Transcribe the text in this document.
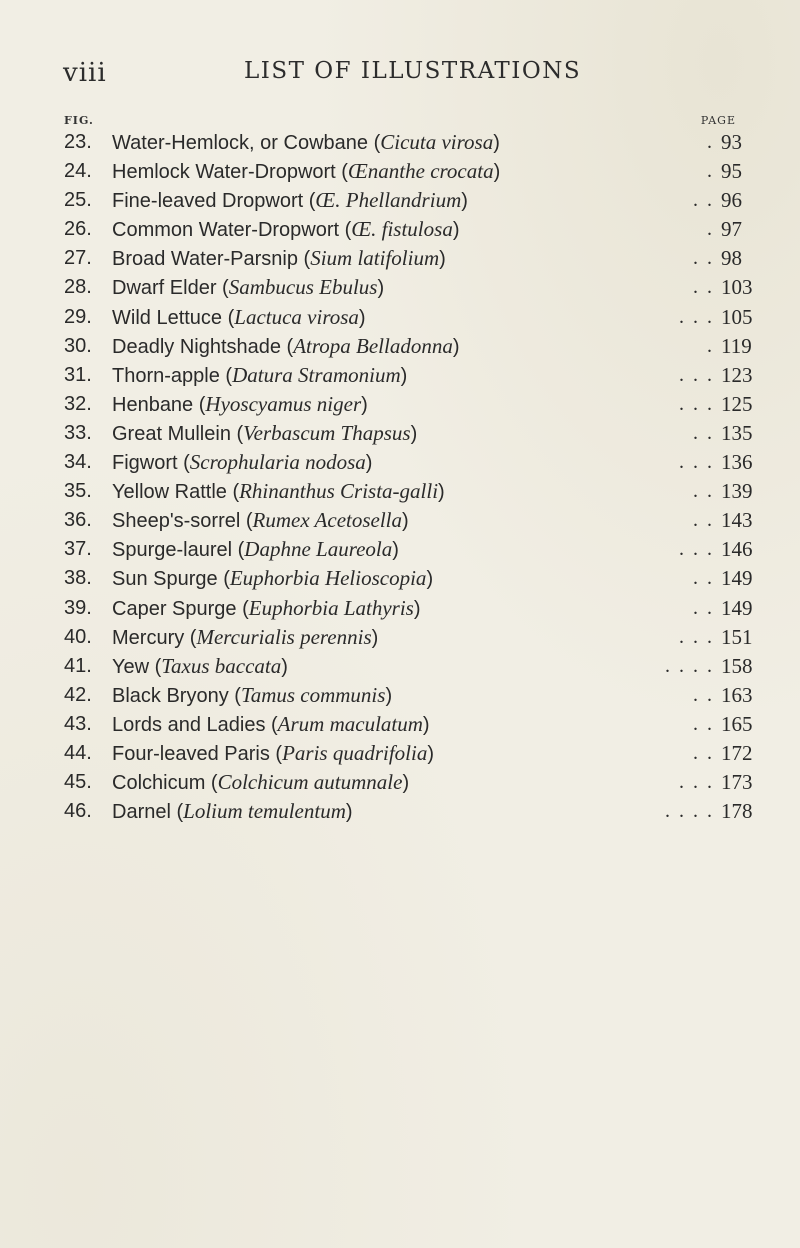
viii	LIST OF ILLUSTRATIONS
FIG.	PAGE
23. Water-Hemlock, or Cowbane (Cicuta virosa)	. 93
24. Hemlock Water-Dropwort (Œnanthe crocata)	. 95
25. Fine-leaved Dropwort (Œ. Phellandrium)	. . 96
26. Common Water-Dropwort (Œ. fistulosa)	. 97
27. Broad Water-Parsnip (Sium latifolium)	. . 98
28. Dwarf Elder (Sambucus Ebulus)	. . 103
29. Wild Lettuce (Lactuca virosa)	. . . 105
30. Deadly Nightshade (Atropa Belladonna)	. 119
31. Thorn-apple (Datura Stramonium)	. . . 123
32. Henbane (Hyoscyamus niger)	. . . 125
33. Great Mullein (Verbascum Thapsus)	. . 135
34. Figwort (Scrophularia nodosa)	. . . 136
35. Yellow Rattle (Rhinanthus Crista-galli)	. . 139
36. Sheep's-sorrel (Rumex Acetosella)	. . 143
37. Spurge-laurel (Daphne Laureola)	. . . 146
38. Sun Spurge (Euphorbia Helioscopia)	. . 149
39. Caper Spurge (Euphorbia Lathyris)	. . 149
40. Mercury (Mercurialis perennis)	. . . 151
41. Yew (Taxus baccata)	. . . . 158
42. Black Bryony (Tamus communis)	. . 163
43. Lords and Ladies (Arum maculatum)	. . 165
44. Four-leaved Paris (Paris quadrifolia)	. . 172
45. Colchicum (Colchicum autumnale)	. . . 173
46. Darnel (Lolium temulentum)	. . . . 178
